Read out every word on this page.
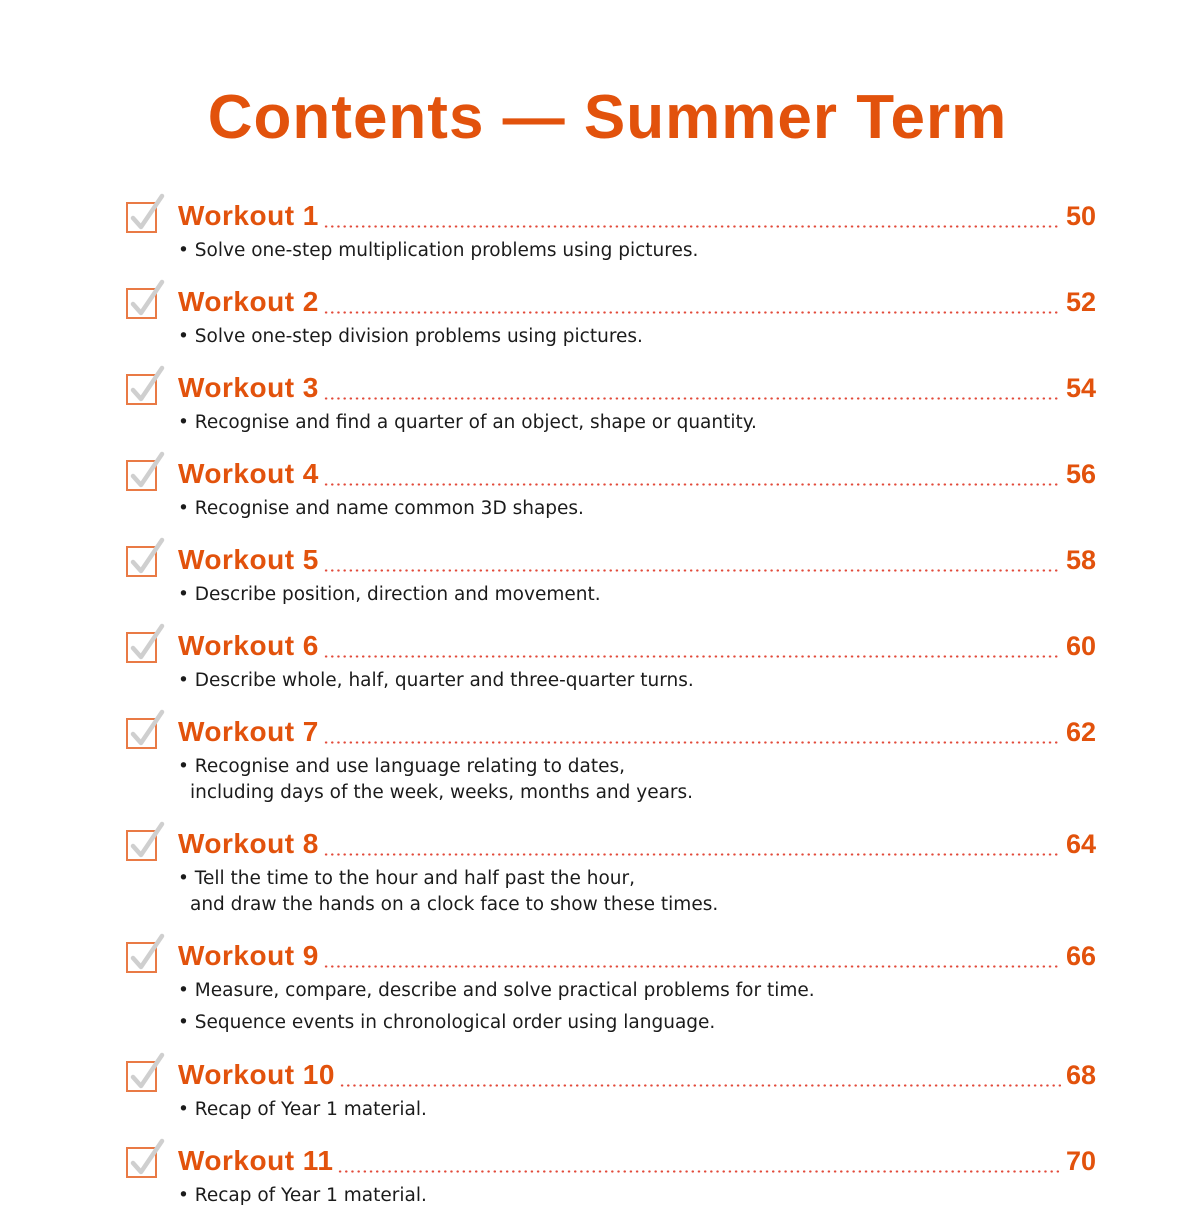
Contents — Summer Term
Workout 1	50
• Solve one-step multiplication problems using pictures.
Workout 2	52
• Solve one-step division problems using pictures.
Workout 3	54
• Recognise and find a quarter of an object, shape or quantity.
Workout 4	56
• Recognise and name common 3D shapes.
Workout 5	58
• Describe position, direction and movement.
Workout 6	60
• Describe whole, half, quarter and three-quarter turns.
Workout 7	62
• Recognise and use language relating to dates,
including days of the week, weeks, months and years.
Workout 8	64
• Tell the time to the hour and half past the hour,
and draw the hands on a clock face to show these times.
Workout 9	66
• Measure, compare, describe and solve practical problems for time.
• Sequence events in chronological order using language.
Workout 10	68
• Recap of Year 1 material.
Workout 11	70
• Recap of Year 1 material.
